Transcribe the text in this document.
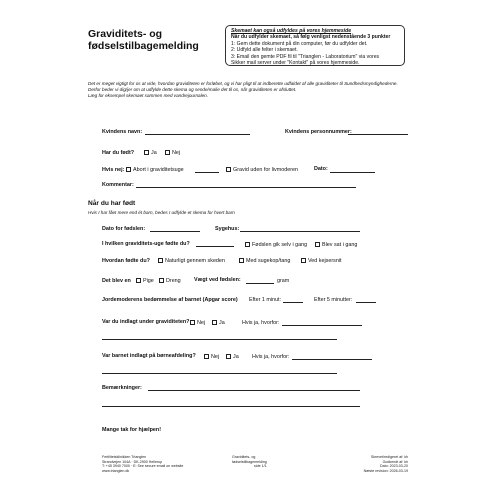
Graviditets- og
fødselstilbagemelding
Skemaet kan også udfyldes på vores hjemmeside
Når du udfylder skemaet, så følg venligst nedenstående 3 punkter
1: Gem dette dokument på din computer, før du udfylder det.
2: Udfyld alle felter i skemaet.
3: Email den gemte PDF fil til "Trianglen - Laboratorium" via vores
Sikker mail server under "Kontakt" på vores hjemmeside.

Det er meget vigtigt for os at vide, hvordan graviditeten er forløbet, og vi har pligt til at indberette udfaldet af alle graviditeter til Sundhedsmyndighederne.

Derfor beder vi dig/jer om at udfylde dette skema og sende/maile det til os, når graviditeten er afsluttet.

Læg for eksempel skemaet sammen med vandrejournalen.

Kvindens navn:	Kvindens personnummer:
Har du født?	Ja	Nej
Hvis nej: Abort i graviditetsuge	Gravid uden for livmoderen	Dato:
Kommentar:
Når du har født
Hvis I har fået mere end ét barn, bedes I udfylde et skema for hvert barn
Dato for fødslen:	Sygehus:
I hvilken graviditets-uge fødte du?	Fødslen gik selv i gang	Blev sat i gang
Hvordan fødte du?	Naturligt gennem skeden	Med sugekop/tang	Ved kejsersnit
Det blev en Pige Dreng Vægt ved fødslen:	gram
Jordemoderens bedømmelse af barnet (Apgar score) Efter 1 minut:	Efter 5 minutter:
Var du indlagt under graviditeten? Nej	Ja	Hvis ja, hvorfor:
Var barnet indlagt på børneafdeling?	Nej	Ja Hvis ja, hvorfor:
Bemærkninger:
Mange tak for hjælpen!
Fertilitetsklinikken Trianglen
Strandvejen 104A · DK-2900 Hellerup
T: +45 3940 7000 · E: See secure email on website
www.trianglen.dk
Graviditets- og
fødselstilbagemelding
side 1/1
Skrevet/redigeret af: kh
Godkendt af: kh
Dato: 2023-03-20
Næste revision: 2026-03-19
